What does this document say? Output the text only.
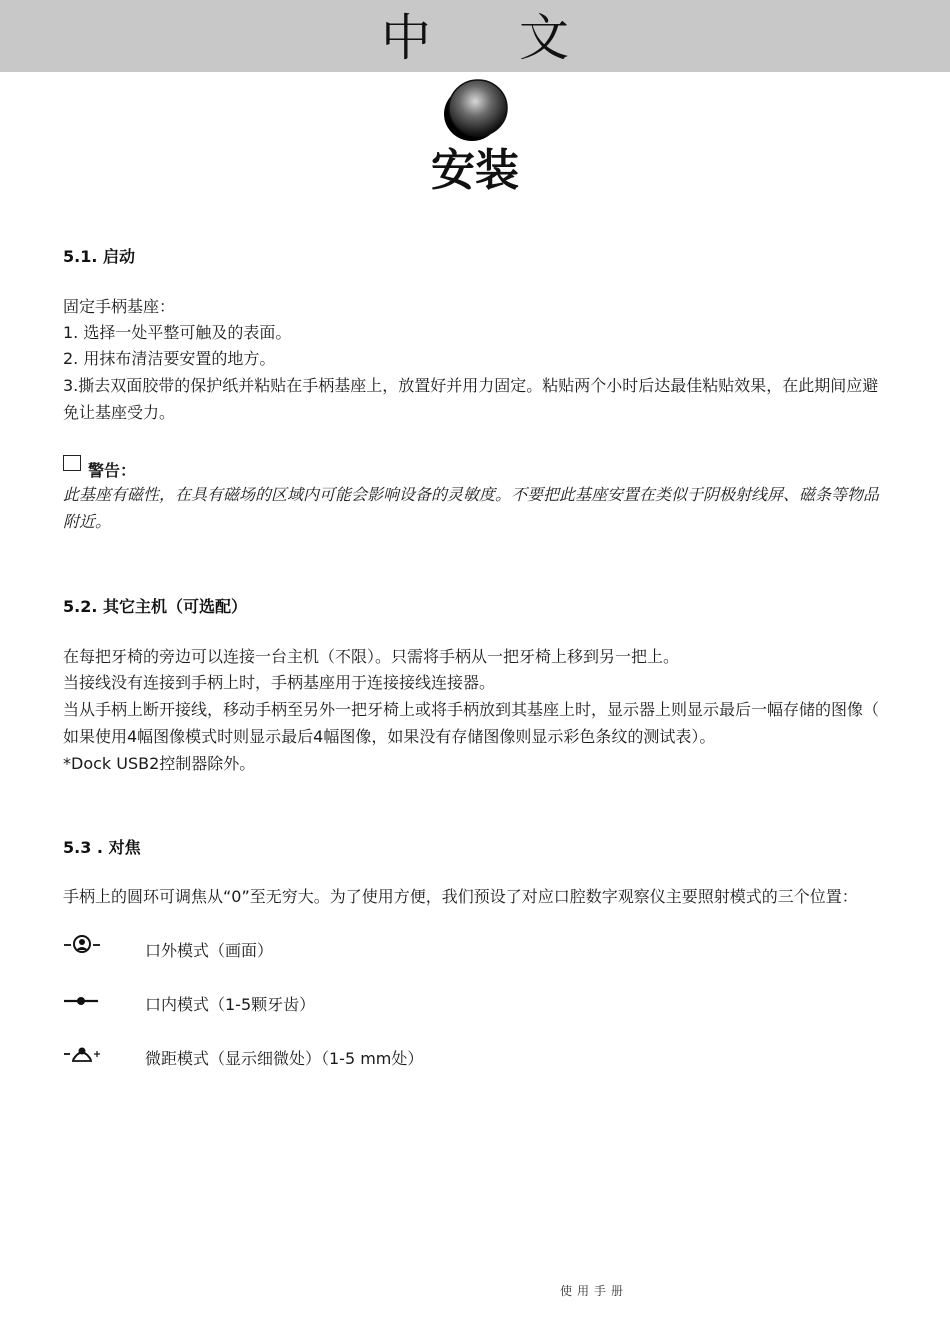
中 文
安装
5.1. 启动
固定手柄基座：
1. 选择一处平整可触及的表面。
2. 用抹布清洁要安置的地方。
3.撕去双面胶带的保护纸并粘贴在手柄基座上，放置好并用力固定。粘贴两个小时后达最佳粘贴效果，在此期间应避
免让基座受力。
警告：
此基座有磁性，在具有磁场的区域内可能会影响设备的灵敏度。不要把此基座安置在类似于阴极射线屏、磁条等物品
附近。
5.2. 其它主机（可选配）
在每把牙椅的旁边可以连接一台主机（不限）。只需将手柄从一把牙椅上移到另一把上。
当接线没有连接到手柄上时，手柄基座用于连接接线连接器。
当从手柄上断开接线，移动手柄至另外一把牙椅上或将手柄放到其基座上时，显示器上则显示最后一幅存储的图像（
如果使用4幅图像模式时则显示最后4幅图像，如果没有存储图像则显示彩色条纹的测试表）。
*Dock USB2控制器除外。
5.3 . 对焦
手柄上的圆环可调焦从“0”至无穷大。为了使用方便，我们预设了对应口腔数字观察仪主要照射模式的三个位置：
口外模式（画面）
口内模式（1-5颗牙齿）
微距模式（显示细微处）（1-5 mm处）
使用手册
